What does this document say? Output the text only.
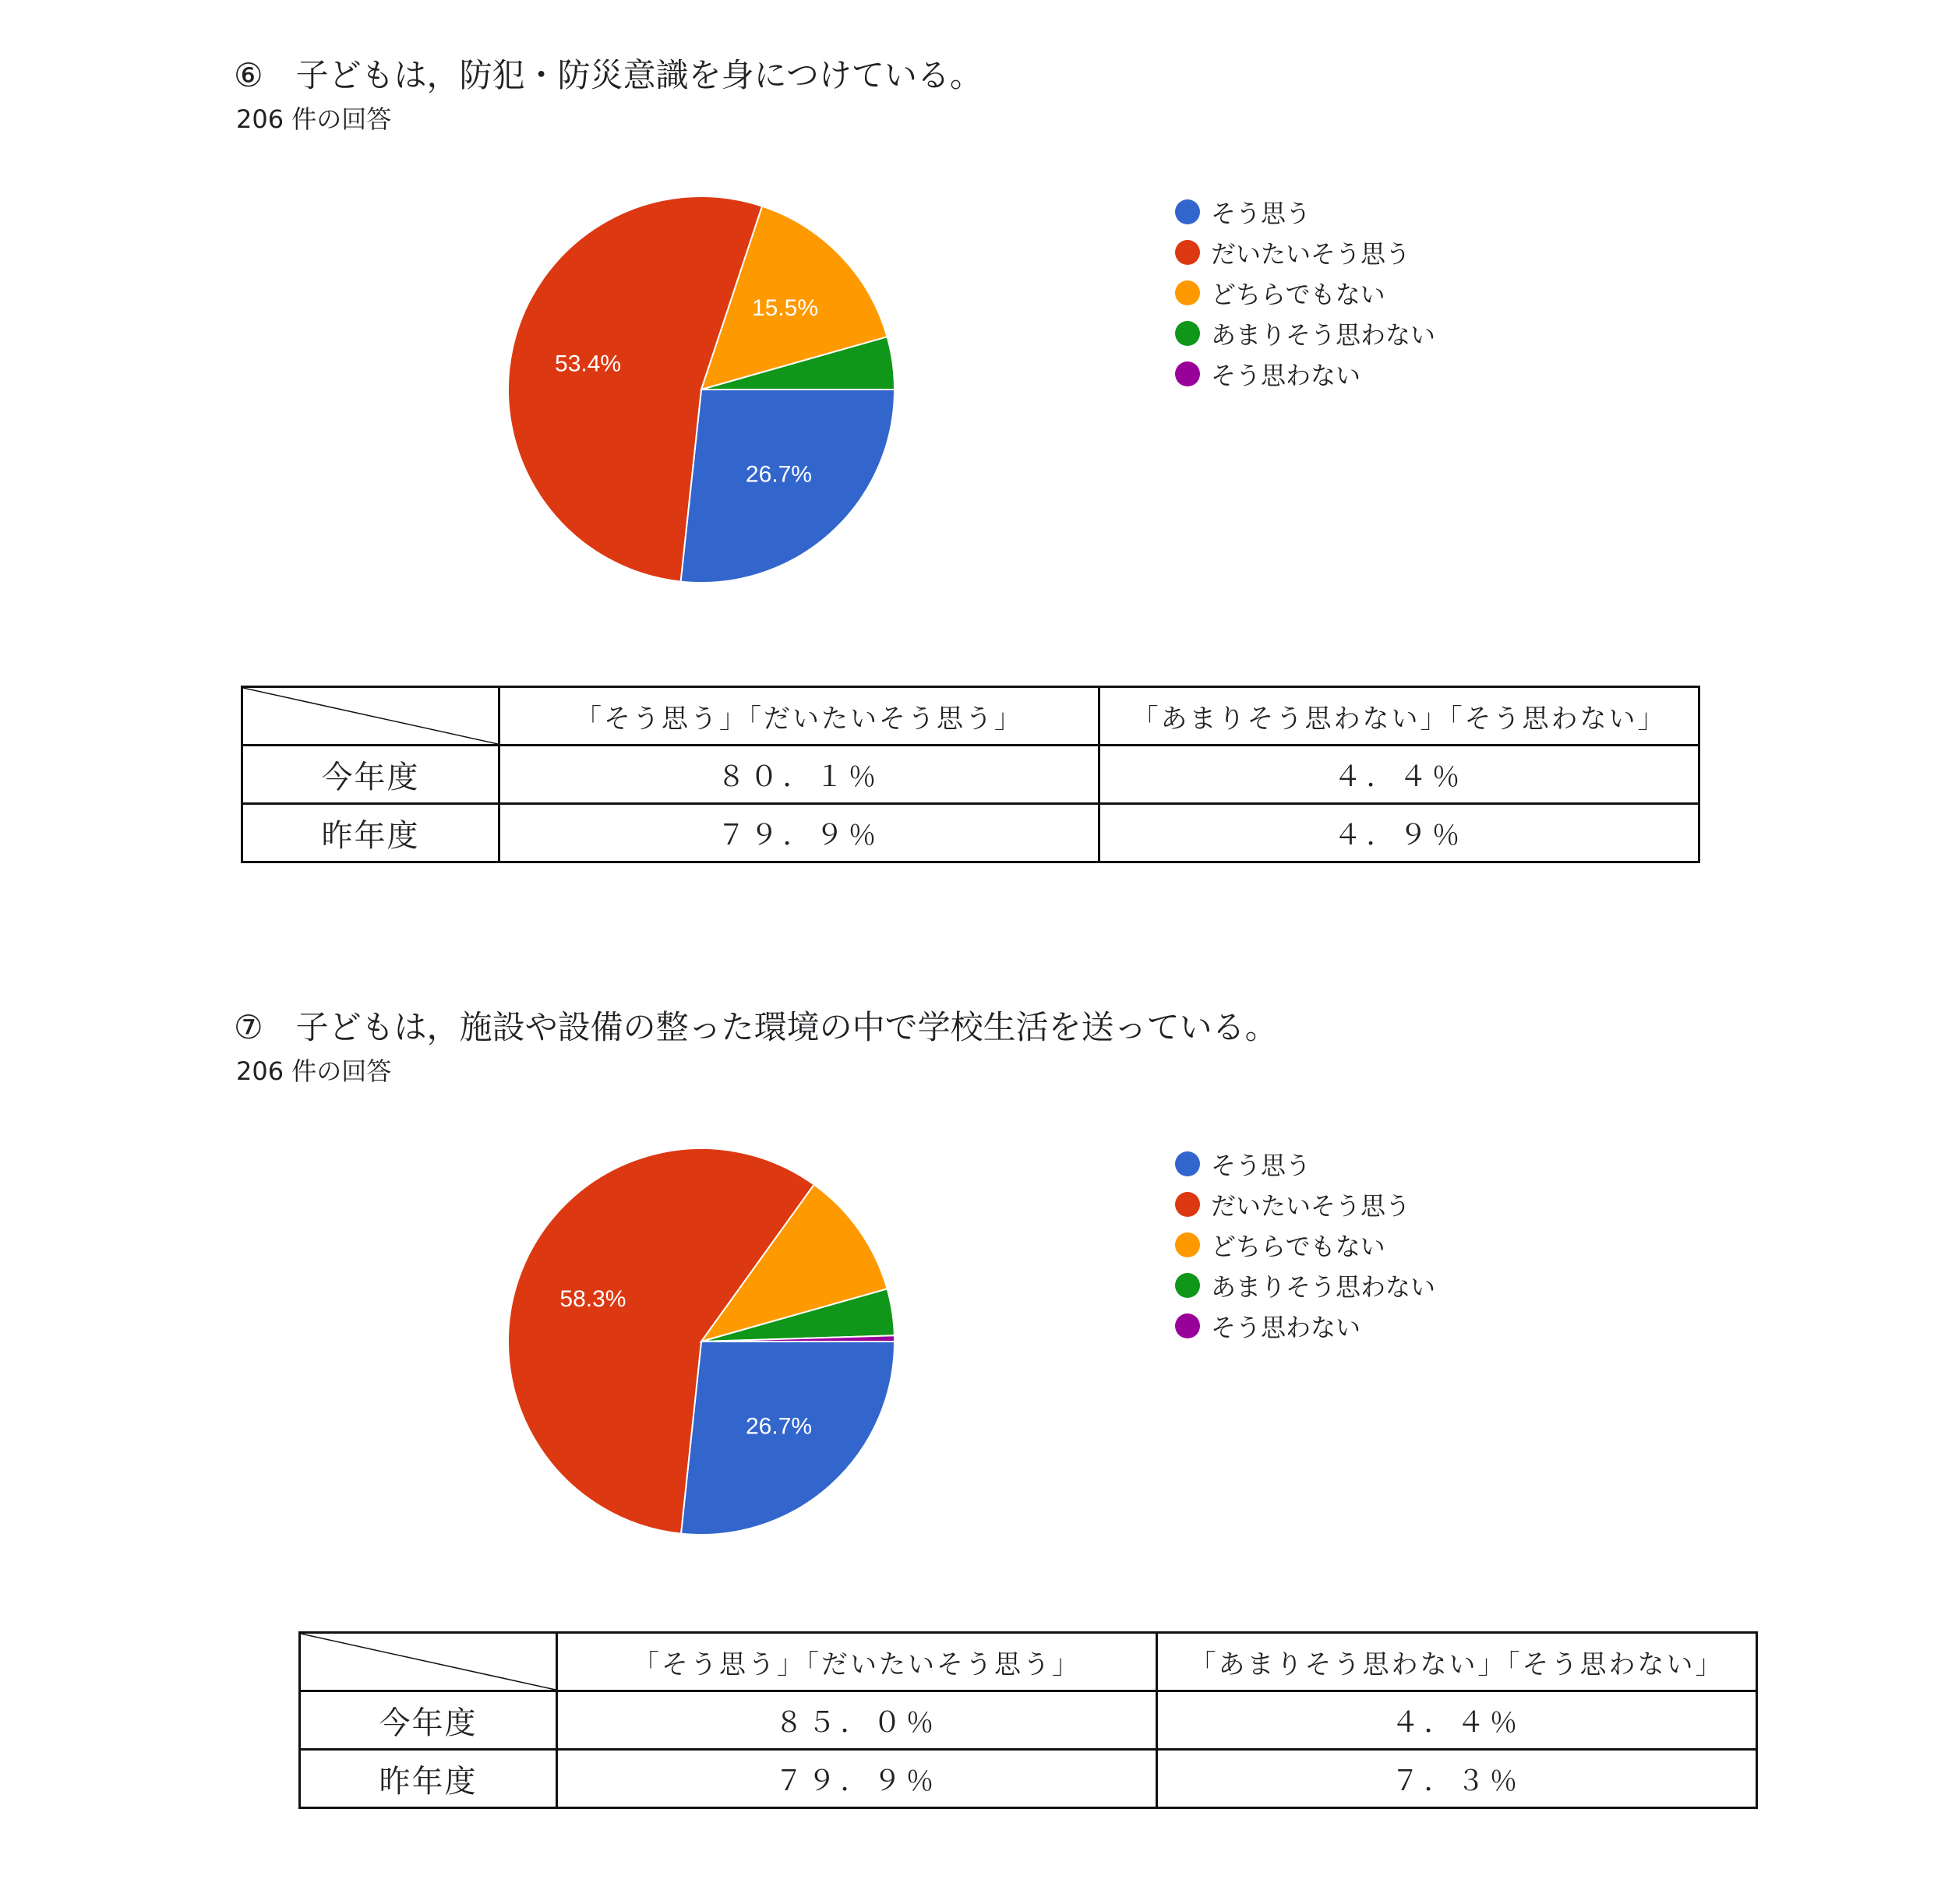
⑥　子どもは，防犯・防災意識を身につけている。
206 件の回答
26.7%
53.4%
15.5%
そう思う
だいたいそう思う
どちらでもない
あまりそう思わない
そう思わない
	「そう思う」「だいたいそう思う」	「あまりそう思わない」「そう思わない」
今年度	８０．１％	４．４％
昨年度	７９．９％	４．９％
⑦　子どもは，施設や設備の整った環境の中で学校生活を送っている。
206 件の回答
26.7%
58.3%
そう思う
だいたいそう思う
どちらでもない
あまりそう思わない
そう思わない
	「そう思う」「だいたいそう思う」	「あまりそう思わない」「そう思わない」
今年度	８５．０％	４．４％
昨年度	７９．９％	７．３％
